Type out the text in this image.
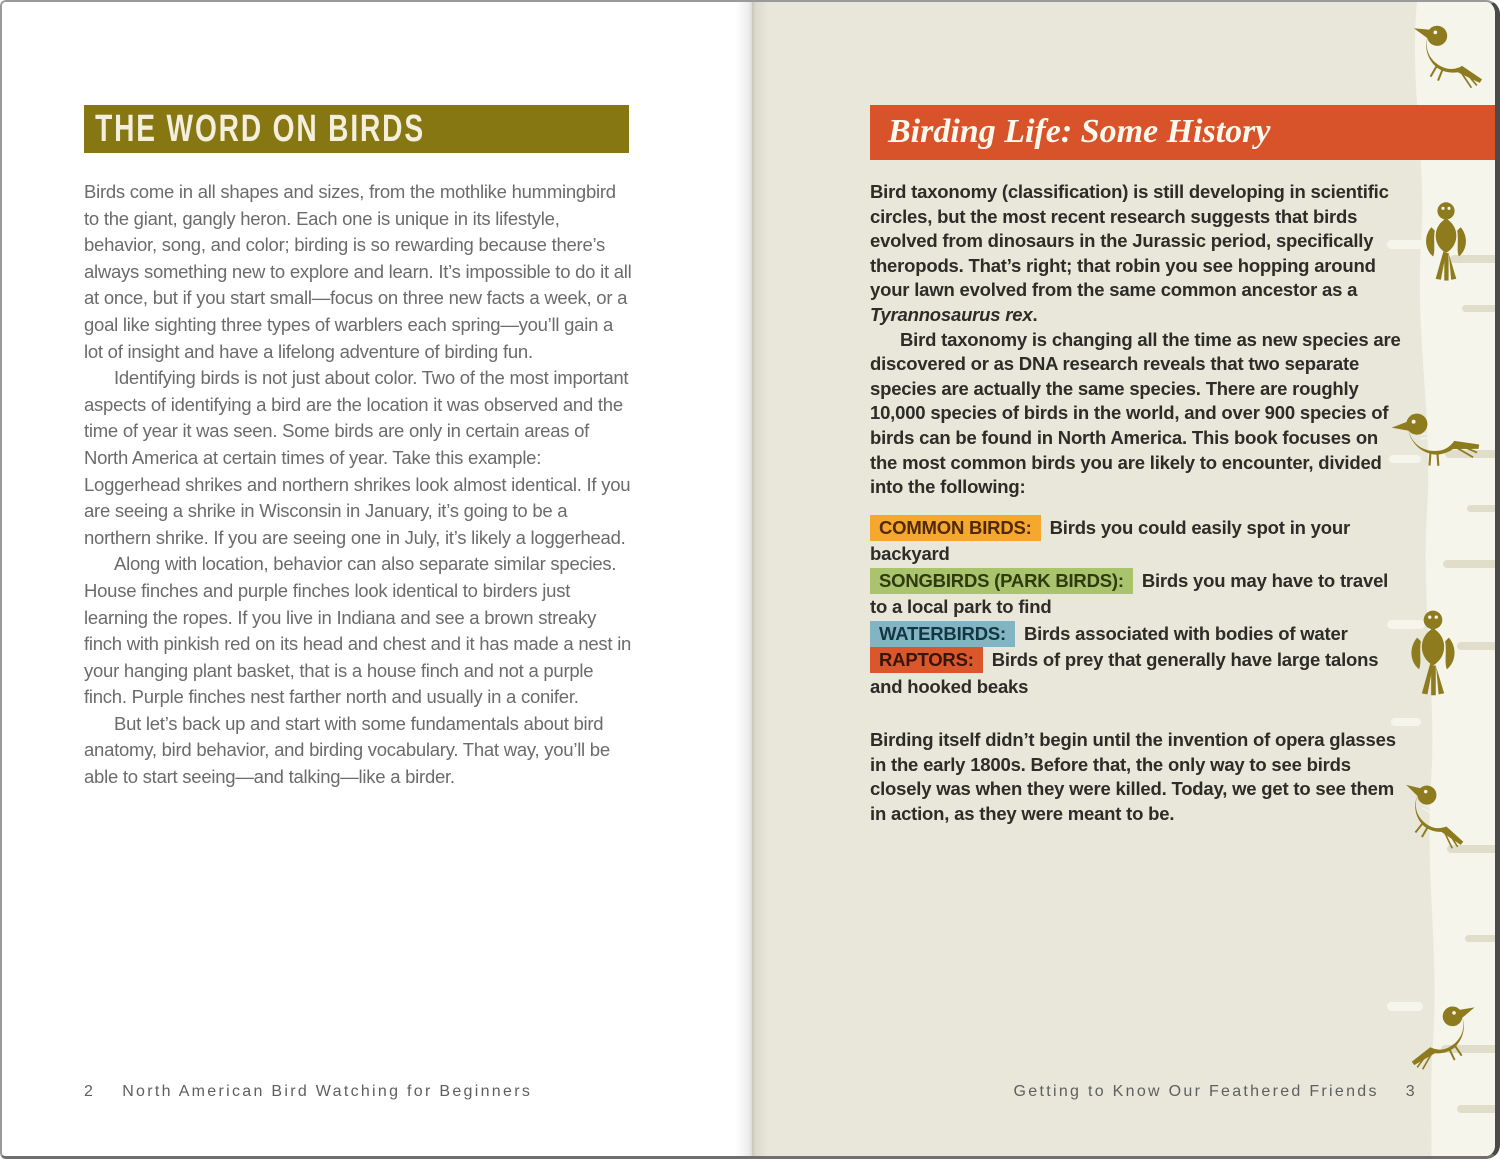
THE WORD ON BIRDS

Birds come in all shapes and sizes, from the mothlike hummingbird to the giant, gangly heron. Each one is unique in its lifestyle, behavior, song, and color; birding is so rewarding because there’s always something new to explore and learn. It’s impossible to do it all at once, but if you start small—focus on three new facts a week, or a goal like sighting three types of warblers each spring—you’ll gain a lot of insight and have a lifelong adventure of birding fun.

Identifying birds is not just about color. Two of the most important aspects of identifying a bird are the location it was observed and the time of year it was seen. Some birds are only in certain areas of North America at certain times of year. Take this example: Loggerhead shrikes and northern shrikes look almost identical. If you are seeing a shrike in Wisconsin in January, it’s going to be a northern shrike. If you are seeing one in July, it’s likely a loggerhead.

Along with location, behavior can also separate similar species. House finches and purple finches look identical to birders just learning the ropes. If you live in Indiana and see a brown streaky finch with pinkish red on its head and chest and it has made a nest in your hanging plant basket, that is a house finch and not a purple finch. Purple finches nest farther north and usually in a conifer.

But let’s back up and start with some fundamentals about bird anatomy, bird behavior, and birding vocabulary. That way, you’ll be able to start seeing—and talking—like a birder.

2 North American Bird Watching for Beginners
Birding Life: Some History

Bird taxonomy (classification) is still developing in scientific circles, but the most recent research suggests that birds evolved from dinosaurs in the Jurassic period, specifically theropods. That’s right; that robin you see hopping around your lawn evolved from the same common ancestor as a Tyrannosaurus rex.

Bird taxonomy is changing all the time as new species are discovered or as DNA research reveals that two separate species are actually the same species. There are roughly 10,000 species of birds in the world, and over 900 species of birds can be found in North America. This book focuses on the most common birds you are likely to encounter, divided into the following:

COMMON BIRDS: Birds you could easily spot in your backyard

SONGBIRDS (PARK BIRDS): Birds you may have to travel to a local park to find

WATERBIRDS: Birds associated with bodies of water

RAPTORS: Birds of prey that generally have large talons and hooked beaks

Birding itself didn’t begin until the invention of opera glasses in the early 1800s. Before that, the only way to see birds closely was when they were killed. Today, we get to see them in action, as they were meant to be.

Getting to Know Our Feathered Friends 3
